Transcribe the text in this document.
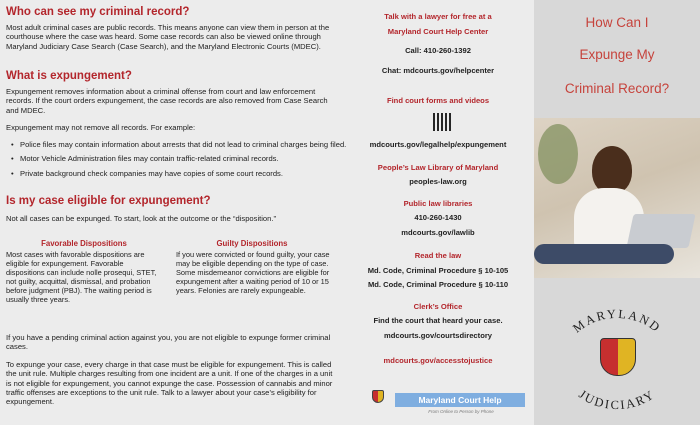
Who can see my criminal record?

Most adult criminal cases are public records. This means anyone can view them in person at the courthouse where the case was heard. Some case records can also be viewed online through Maryland Judiciary Case Search (Case Search), and the Maryland Electronic Courts (MDEC).

What is expungement?

Expungement removes information about a criminal offense from court and law enforcement records. If the court orders expungement, the case records are also removed from Case Search and MDEC.

Expungement may not remove all records. For example:

• Police files may contain information about arrests that did not lead to criminal charges being filed.
• Motor Vehicle Administration files may contain traffic-related criminal records.
• Private background check companies may have copies of some court records.
Is my case eligible for expungement?

Not all cases can be expunged. To start, look at the outcome or the “disposition.”

Favorable Dispositions
Most cases with favorable dispositions are eligible for expungement. Favorable dispositions can include nolle prosequi, STET, not guilty, acquittal, dismissal, and probation before judgment (PBJ). The waiting period is usually three years.
Guilty Dispositions
If you were convicted or found guilty, your case may be eligible depending on the type of case. Some misdemeanor convictions are eligible for expungement after a waiting period of 10 or 15 years. Felonies are rarely expungeable.

If you have a pending criminal action against you, you are not eligible to expunge former criminal cases.

To expunge your case, every charge in that case must be eligible for expungement. This is called the unit rule. Multiple charges resulting from one incident are a unit. If one of the charges in a unit is not eligible for expungement, you cannot expunge the case. Possession of cannabis and minor traffic offenses are exceptions to the unit rule. Talk to a lawyer about your case’s eligibility for expungement.

Talk with a lawyer for free at a
Maryland Court Help Center
Call: 410-260-1392
Chat: mdcourts.gov/helpcenter
Find court forms and videos
mdcourts.gov/legalhelp/expungement
People’s Law Library of Maryland
peoples-law.org
Public law libraries
410-260-1430
mdcourts.gov/lawlib
Read the law
Md. Code, Criminal Procedure § 10-105
Md. Code, Criminal Procedure § 10-110
Clerk’s Office
Find the court that heard your case.
mdcourts.gov/courtsdirectory
mdcourts.gov/accesstojustice
Maryland Court Help
From Online to Person by Phone
How Can I
Expunge My
Criminal Record?
MARYLAND
JUDICIARY
